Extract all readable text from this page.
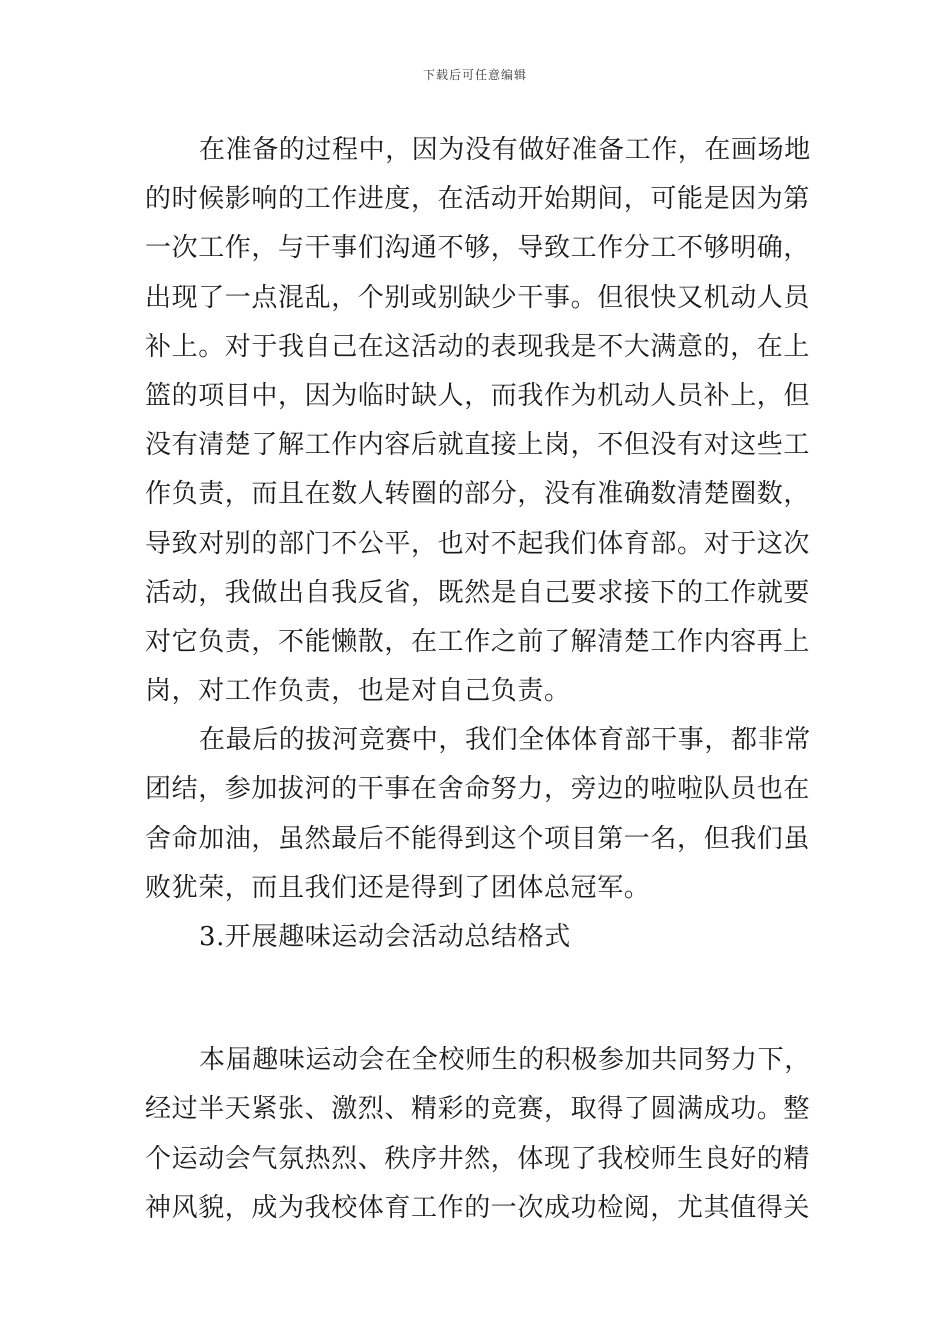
下载后可任意编辑
在准备的过程中，因为没有做好准备工作，在画场地
的时候影响的工作进度，在活动开始期间，可能是因为第
一次工作，与干事们沟通不够，导致工作分工不够明确，
出现了一点混乱，个别或别缺少干事。但很快又机动人员
补上。对于我自己在这活动的表现我是不大满意的，在上
篮的项目中，因为临时缺人，而我作为机动人员补上，但
没有清楚了解工作内容后就直接上岗，不但没有对这些工
作负责，而且在数人转圈的部分，没有准确数清楚圈数，
导致对别的部门不公平，也对不起我们体育部。对于这次
活动，我做出自我反省，既然是自己要求接下的工作就要
对它负责，不能懒散，在工作之前了解清楚工作内容再上
岗，对工作负责，也是对自己负责。
在最后的拔河竞赛中，我们全体体育部干事，都非常
团结，参加拔河的干事在舍命努力，旁边的啦啦队员也在
舍命加油，虽然最后不能得到这个项目第一名，但我们虽
败犹荣，而且我们还是得到了团体总冠军。
3.开展趣味运动会活动总结格式
本届趣味运动会在全校师生的积极参加共同努力下，
经过半天紧张、激烈、精彩的竞赛，取得了圆满成功。整
个运动会气氛热烈、秩序井然，体现了我校师生良好的精
神风貌，成为我校体育工作的一次成功检阅，尤其值得关
